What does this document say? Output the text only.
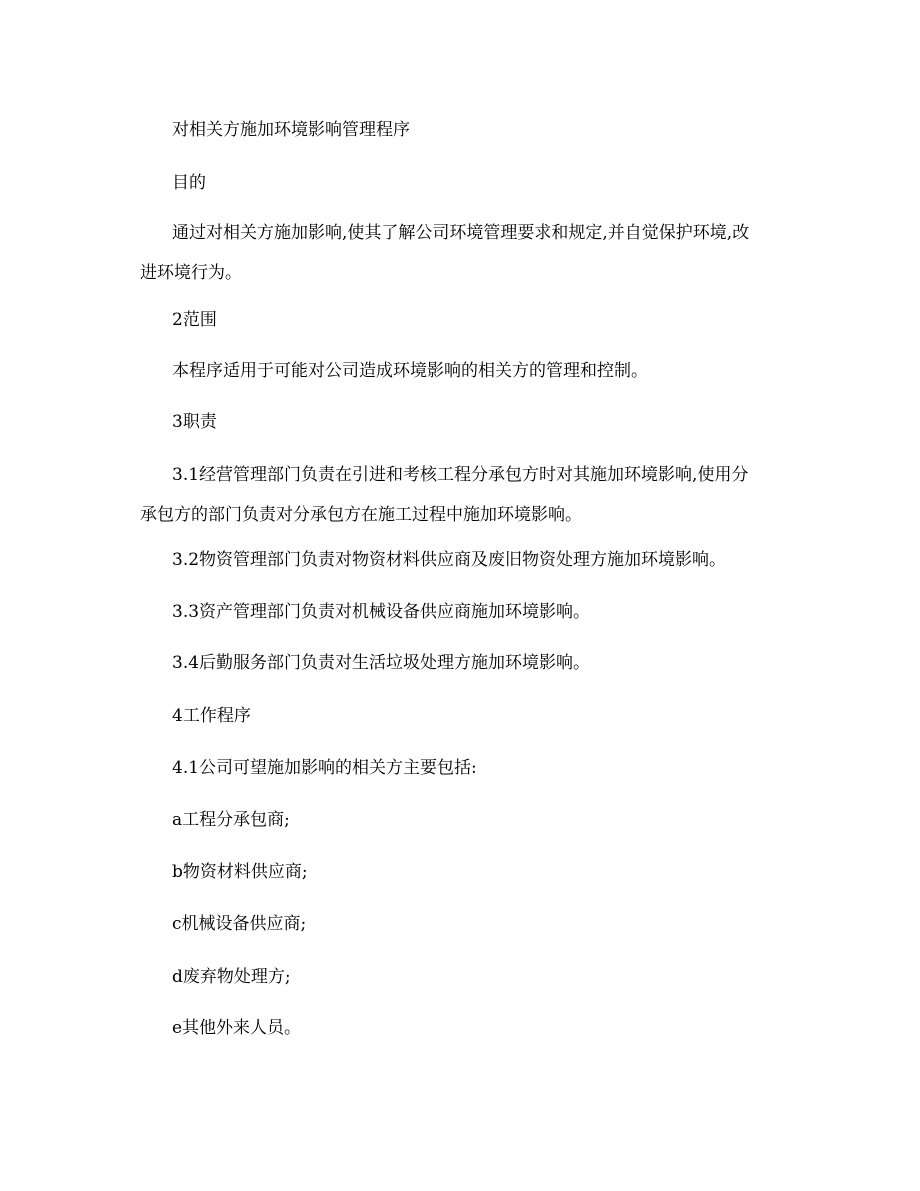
对相关方施加环境影响管理程序
目的
通过对相关方施加影响,使其了解公司环境管理要求和规定,并自觉保护环境,改
进环境行为。
2范围
本程序适用于可能对公司造成环境影响的相关方的管理和控制。
3职责
3.1经营管理部门负责在引进和考核工程分承包方时对其施加环境影响,使用分
承包方的部门负责对分承包方在施工过程中施加环境影响。
3.2物资管理部门负责对物资材料供应商及废旧物资处理方施加环境影响。
3.3资产管理部门负责对机械设备供应商施加环境影响。
3.4后勤服务部门负责对生活垃圾处理方施加环境影响。
4工作程序
4.1公司可望施加影响的相关方主要包括:
a工程分承包商;
b物资材料供应商;
c机械设备供应商;
d废弃物处理方;
e其他外来人员。
